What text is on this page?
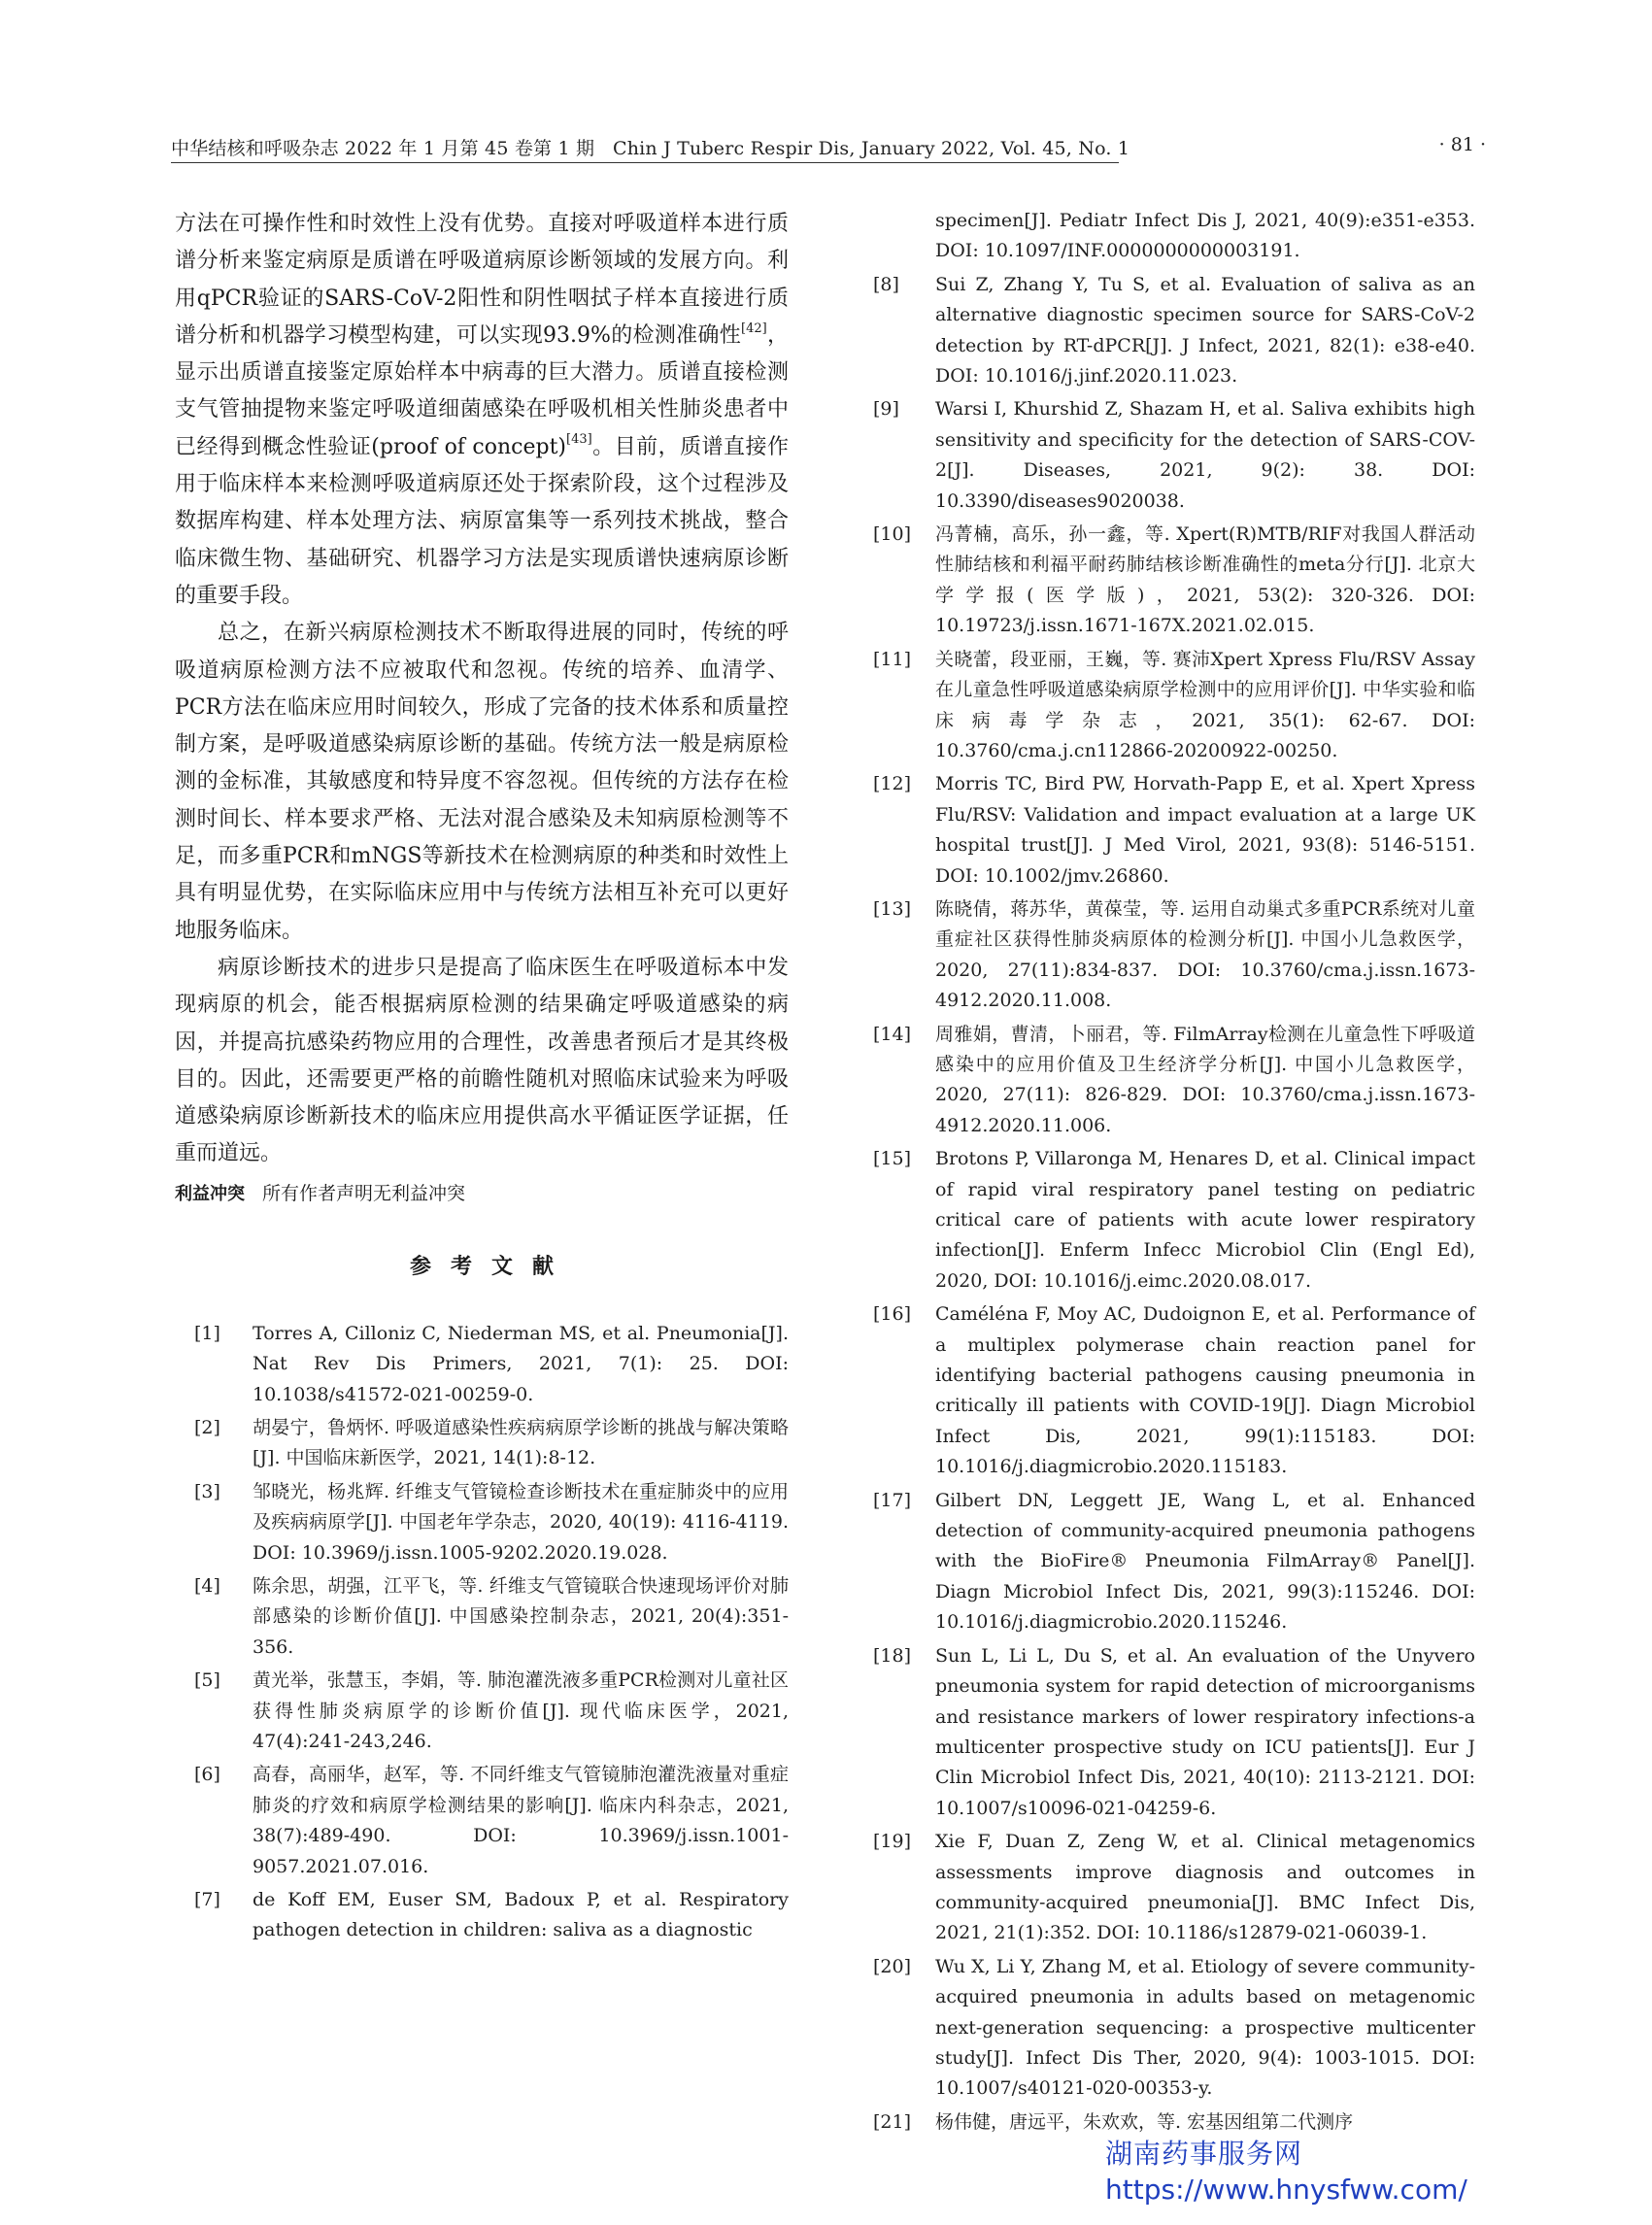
中华结核和呼吸杂志 2022 年 1 月第 45 卷第 1 期 Chin J Tuberc Respir Dis, January 2022, Vol. 45, No. 1	· 81 ·

方法在可操作性和时效性上没有优势。直接对呼吸道样本进行质谱分析来鉴定病原是质谱在呼吸道病原诊断领域的发展方向。利用qPCR验证的SARS-CoV-2阳性和阴性咽拭子样本直接进行质谱分析和机器学习模型构建，可以实现93.9%的检测准确性[42]，显示出质谱直接鉴定原始样本中病毒的巨大潜力。质谱直接检测支气管抽提物来鉴定呼吸道细菌感染在呼吸机相关性肺炎患者中已经得到概念性验证(proof of concept)[43]。目前，质谱直接作用于临床样本来检测呼吸道病原还处于探索阶段，这个过程涉及数据库构建、样本处理方法、病原富集等一系列技术挑战，整合临床微生物、基础研究、机器学习方法是实现质谱快速病原诊断的重要手段。

总之，在新兴病原检测技术不断取得进展的同时，传统的呼吸道病原检测方法不应被取代和忽视。传统的培养、血清学、PCR方法在临床应用时间较久，形成了完备的技术体系和质量控制方案，是呼吸道感染病原诊断的基础。传统方法一般是病原检测的金标准，其敏感度和特异度不容忽视。但传统的方法存在检测时间长、样本要求严格、无法对混合感染及未知病原检测等不足，而多重PCR和mNGS等新技术在检测病原的种类和时效性上具有明显优势，在实际临床应用中与传统方法相互补充可以更好地服务临床。

病原诊断技术的进步只是提高了临床医生在呼吸道标本中发现病原的机会，能否根据病原检测的结果确定呼吸道感染的病因，并提高抗感染药物应用的合理性，改善患者预后才是其终极目的。因此，还需要更严格的前瞻性随机对照临床试验来为呼吸道感染病原诊断新技术的临床应用提供高水平循证医学证据，任重而道远。

利益冲突 所有作者声明无利益冲突
参考文献
[1]	Torres A, Cilloniz C, Niederman MS, et al. Pneumonia[J]. Nat Rev Dis Primers, 2021, 7(1): 25. DOI: 10.1038/s41572-021-00259-0.
[2]	胡晏宁，鲁炳怀. 呼吸道感染性疾病病原学诊断的挑战与解决策略[J]. 中国临床新医学，2021, 14(1):8-12.
[3]	邹晓光，杨兆辉. 纤维支气管镜检查诊断技术在重症肺炎中的应用及疾病病原学[J]. 中国老年学杂志，2020, 40(19): 4116-4119. DOI: 10.3969/j.issn.1005-9202.2020.19.028.
[4]	陈余思，胡强，江平飞，等. 纤维支气管镜联合快速现场评价对肺部感染的诊断价值[J]. 中国感染控制杂志，2021, 20(4):351-356.
[5]	黄光举，张慧玉，李娟，等. 肺泡灌洗液多重PCR检测对儿童社区获得性肺炎病原学的诊断价值[J]. 现代临床医学，2021, 47(4):241-243,246.
[6]	高春，高丽华，赵军，等. 不同纤维支气管镜肺泡灌洗液量对重症肺炎的疗效和病原学检测结果的影响[J]. 临床内科杂志，2021, 38(7):489-490. DOI: 10.3969/j.issn.1001-9057.2021.07.016.
[7]	de Koff EM, Euser SM, Badoux P, et al. Respiratory pathogen detection in children: saliva as a diagnostic
specimen[J]. Pediatr Infect Dis J, 2021, 40(9):e351-e353. DOI: 10.1097/INF.0000000000003191.
[8]	Sui Z, Zhang Y, Tu S, et al. Evaluation of saliva as an alternative diagnostic specimen source for SARS-CoV-2 detection by RT-dPCR[J]. J Infect, 2021, 82(1): e38-e40. DOI: 10.1016/j.jinf.2020.11.023.
[9]	Warsi I, Khurshid Z, Shazam H, et al. Saliva exhibits high sensitivity and specificity for the detection of SARS-COV-2[J]. Diseases, 2021, 9(2): 38. DOI: 10.3390/diseases9020038.
[10]	冯菁楠，高乐，孙一鑫，等. Xpert(R)MTB/RIF对我国人群活动性肺结核和利福平耐药肺结核诊断准确性的meta分行[J]. 北京大学学报(医学版)，2021, 53(2): 320-326. DOI: 10.19723/j.issn.1671-167X.2021.02.015.
[11]	关晓蕾，段亚丽，王巍，等. 赛沛Xpert Xpress Flu/RSV Assay在儿童急性呼吸道感染病原学检测中的应用评价[J]. 中华实验和临床病毒学杂志，2021, 35(1): 62-67. DOI: 10.3760/cma.j.cn112866-20200922-00250.
[12]	Morris TC, Bird PW, Horvath-Papp E, et al. Xpert Xpress Flu/RSV: Validation and impact evaluation at a large UK hospital trust[J]. J Med Virol, 2021, 93(8): 5146-5151. DOI: 10.1002/jmv.26860.
[13]	陈晓倩，蒋苏华，黄葆莹，等. 运用自动巢式多重PCR系统对儿童重症社区获得性肺炎病原体的检测分析[J]. 中国小儿急救医学，2020, 27(11):834-837. DOI: 10.3760/cma.j.issn.1673-4912.2020.11.008.
[14]	周雅娟，曹清，卜丽君，等. FilmArray检测在儿童急性下呼吸道感染中的应用价值及卫生经济学分析[J]. 中国小儿急救医学，2020, 27(11): 826-829. DOI: 10.3760/cma.j.issn.1673-4912.2020.11.006.
[15]	Brotons P, Villaronga M, Henares D, et al. Clinical impact of rapid viral respiratory panel testing on pediatric critical care of patients with acute lower respiratory infection[J]. Enferm Infecc Microbiol Clin (Engl Ed), 2020, DOI: 10.1016/j.eimc.2020.08.017.
[16]	Caméléna F, Moy AC, Dudoignon E, et al. Performance of a multiplex polymerase chain reaction panel for identifying bacterial pathogens causing pneumonia in critically ill patients with COVID-19[J]. Diagn Microbiol Infect Dis, 2021, 99(1):115183. DOI: 10.1016/j.diagmicrobio.2020.115183.
[17]	Gilbert DN, Leggett JE, Wang L, et al. Enhanced detection of community-acquired pneumonia pathogens with the BioFire® Pneumonia FilmArray® Panel[J]. Diagn Microbiol Infect Dis, 2021, 99(3):115246. DOI: 10.1016/j.diagmicrobio.2020.115246.
[18]	Sun L, Li L, Du S, et al. An evaluation of the Unyvero pneumonia system for rapid detection of microorganisms and resistance markers of lower respiratory infections-a multicenter prospective study on ICU patients[J]. Eur J Clin Microbiol Infect Dis, 2021, 40(10): 2113-2121. DOI: 10.1007/s10096-021-04259-6.
[19]	Xie F, Duan Z, Zeng W, et al. Clinical metagenomics assessments improve diagnosis and outcomes in community-acquired pneumonia[J]. BMC Infect Dis, 2021, 21(1):352. DOI: 10.1186/s12879-021-06039-1.
[20]	Wu X, Li Y, Zhang M, et al. Etiology of severe community-acquired pneumonia in adults based on metagenomic next-generation sequencing: a prospective multicenter study[J]. Infect Dis Ther, 2020, 9(4): 1003-1015. DOI: 10.1007/s40121-020-00353-y.
[21]	杨伟健，唐远平，朱欢欢，等. 宏基因组第二代测序
湖南药事服务网
https://www.hnysfww.com/
